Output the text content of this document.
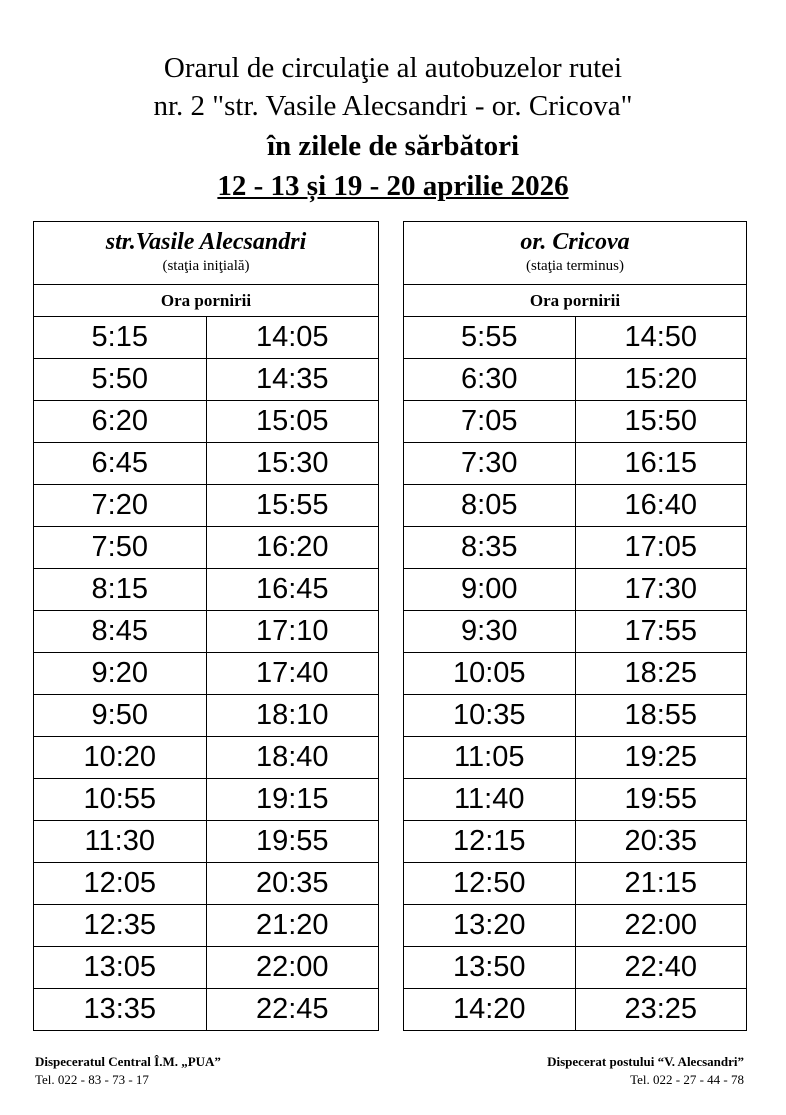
Orarul de circulaţie al autobuzelor rutei
nr. 2 "str. Vasile Alecsandri - or. Cricova"
în zilele de sărbători
12 - 13 și 19 - 20 aprilie 2026
str.Vasile Alecsandri
(staţia iniţială)	

Ora pornirii	
5:15	14:05
5:50	14:35
6:20	15:05
6:45	15:30
7:20	15:55
7:50	16:20
8:15	16:45
8:45	17:10
9:20	17:40
9:50	18:10
10:20	18:40
10:55	19:15
11:30	19:55
12:05	20:35
12:35	21:20
13:05	22:00
13:35	22:45
or. Cricova
(staţia terminus)	

Ora pornirii	
5:55	14:50
6:30	15:20
7:05	15:50
7:30	16:15
8:05	16:40
8:35	17:05
9:00	17:30
9:30	17:55
10:05	18:25
10:35	18:55
11:05	19:25
11:40	19:55
12:15	20:35
12:50	21:15
13:20	22:00
13:50	22:40
14:20	23:25
Dispeceratul Central Î.M. „PUA”
Tel. 022 - 83 - 73 - 17
Dispecerat postului “V. Alecsandri”
Tel. 022 - 27 - 44 - 78
